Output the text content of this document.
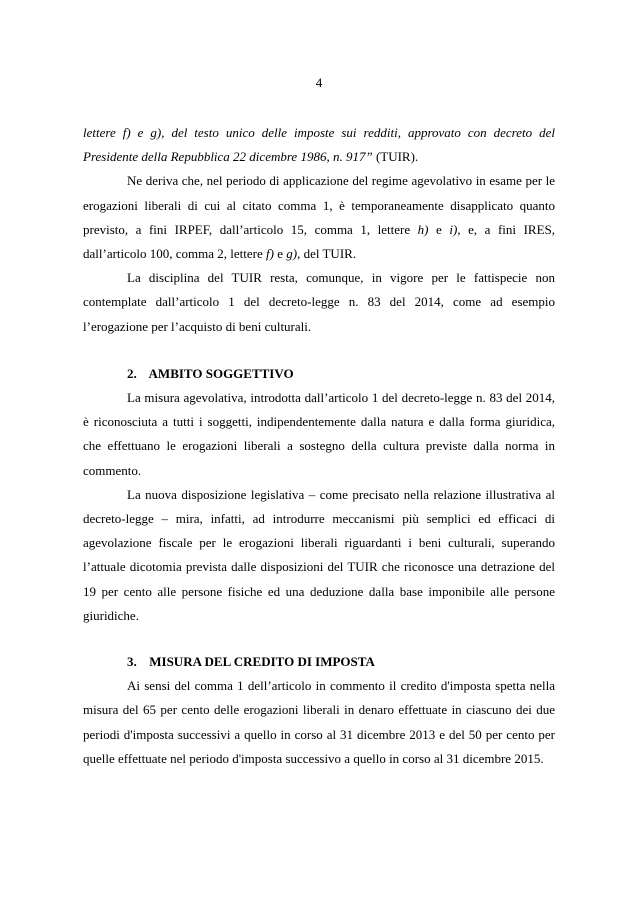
4

lettere f) e g), del testo unico delle imposte sui redditi, approvato con decreto del Presidente della Repubblica 22 dicembre 1986, n. 917” (TUIR).

Ne deriva che, nel periodo di applicazione del regime agevolativo in esame per le erogazioni liberali di cui al citato comma 1, è temporaneamente disapplicato quanto previsto, a fini IRPEF, dall’articolo 15, comma 1, lettere h) e i), e, a fini IRES, dall’articolo 100, comma 2, lettere f) e g), del TUIR.

La disciplina del TUIR resta, comunque, in vigore per le fattispecie non contemplate dall’articolo 1 del decreto-legge n. 83 del 2014, come ad esempio l’erogazione per l’acquisto di beni culturali.

2. AMBITO SOGGETTIVO

La misura agevolativa, introdotta dall’articolo 1 del decreto-legge n. 83 del 2014, è riconosciuta a tutti i soggetti, indipendentemente dalla natura e dalla forma giuridica, che effettuano le erogazioni liberali a sostegno della cultura previste dalla norma in commento.

La nuova disposizione legislativa – come precisato nella relazione illustrativa al decreto-legge – mira, infatti, ad introdurre meccanismi più semplici ed efficaci di agevolazione fiscale per le erogazioni liberali riguardanti i beni culturali, superando l’attuale dicotomia prevista dalle disposizioni del TUIR che riconosce una detrazione del 19 per cento alle persone fisiche ed una deduzione dalla base imponibile alle persone giuridiche.

3. MISURA DEL CREDITO DI IMPOSTA

Ai sensi del comma 1 dell’articolo in commento il credito d'imposta spetta nella misura del 65 per cento delle erogazioni liberali in denaro effettuate in ciascuno dei due periodi d'imposta successivi a quello in corso al 31 dicembre 2013 e del 50 per cento per quelle effettuate nel periodo d'imposta successivo a quello in corso al 31 dicembre 2015.
